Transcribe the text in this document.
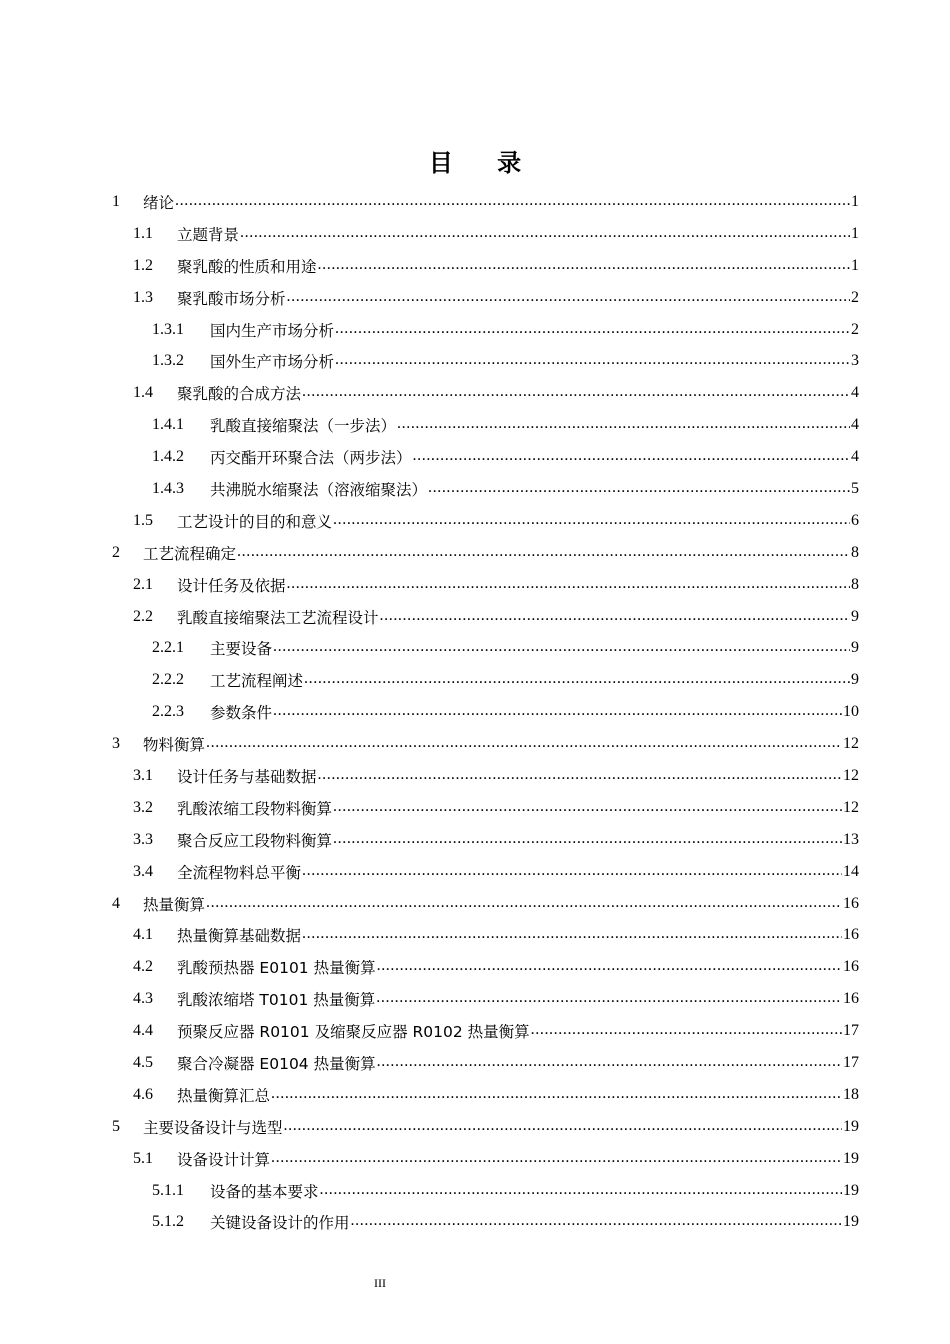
目 录
1	绪论 .....	1
1.1	立题背景 .....	1
1.2	聚乳酸的性质和用途 .....	1
1.3	聚乳酸市场分析 .....	2
1.3.1	国内生产市场分析 .....	2
1.3.2	国外生产市场分析 .....	3
1.4	聚乳酸的合成方法 .....	4
1.4.1	乳酸直接缩聚法（一步法） .....	4
1.4.2	丙交酯开环聚合法（两步法） .....	4
1.4.3	共沸脱水缩聚法（溶液缩聚法） .....	5
1.5	工艺设计的目的和意义 .....	6
2	工艺流程确定 .....	8
2.1	设计任务及依据 .....	8
2.2	乳酸直接缩聚法工艺流程设计 .....	9
2.2.1	主要设备 .....	9
2.2.2	工艺流程阐述 .....	9
2.2.3	参数条件 .....	10
3	物料衡算 .....	12
3.1	设计任务与基础数据 .....	12
3.2	乳酸浓缩工段物料衡算 .....	12
3.3	聚合反应工段物料衡算 .....	13
3.4	全流程物料总平衡 .....	14
4	热量衡算 .....	16
4.1	热量衡算基础数据 .....	16
4.2	乳酸预热器 E0101 热量衡算 .....	16
4.3	乳酸浓缩塔 T0101 热量衡算 .....	16
4.4	预聚反应器 R0101 及缩聚反应器 R0102 热量衡算 .....	17
4.5	聚合冷凝器 E0104 热量衡算 .....	17
4.6	热量衡算汇总 .....	18
5	主要设备设计与选型 .....	19
5.1	设备设计计算 .....	19
5.1.1	设备的基本要求 .....	19
5.1.2	关键设备设计的作用 .....	19
III
